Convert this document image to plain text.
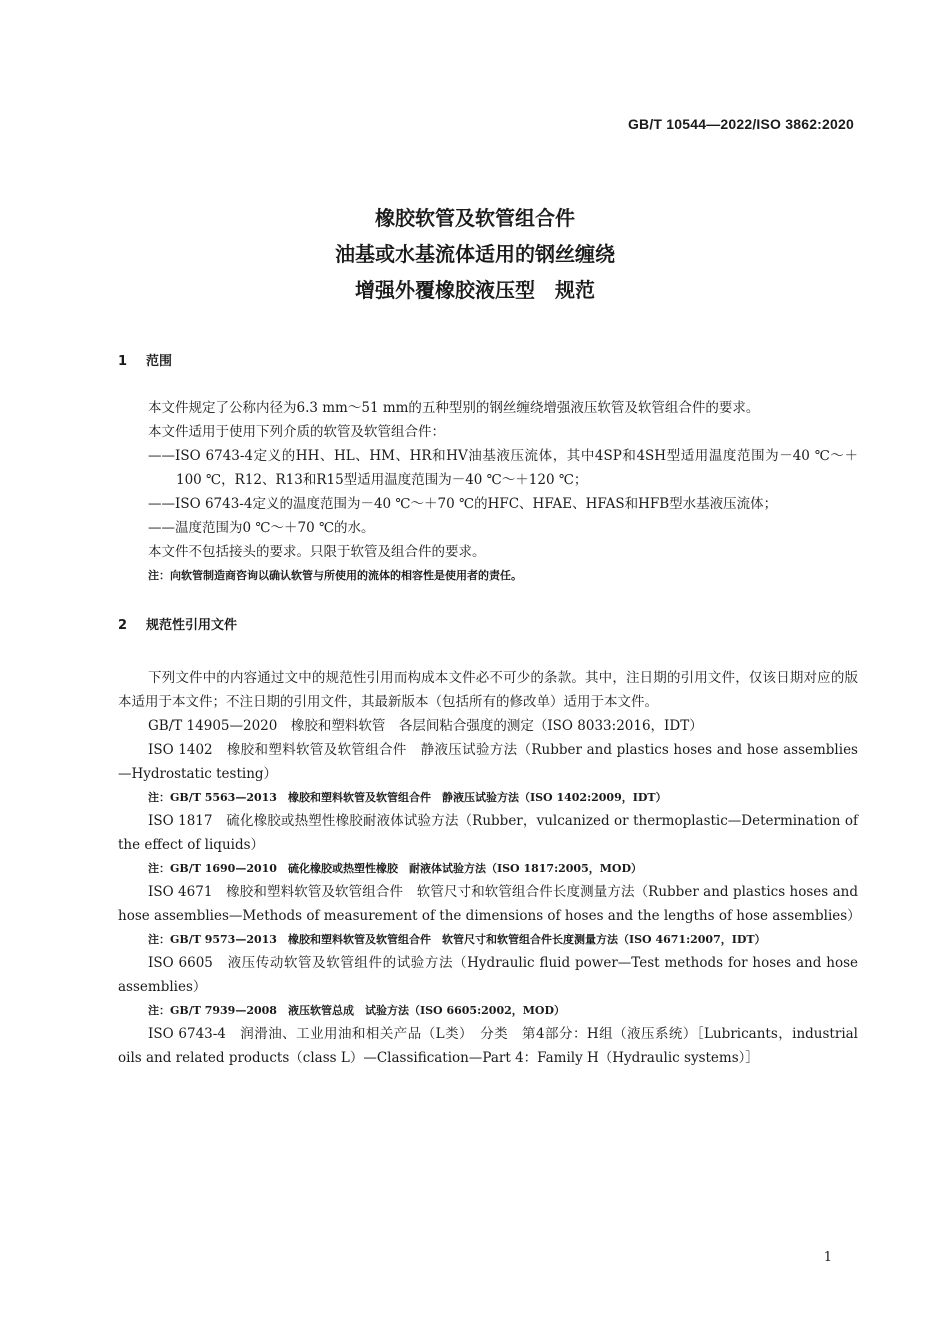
GB/T 10544—2022/ISO 3862:2020
橡胶软管及软管组合件
油基或水基流体适用的钢丝缠绕
增强外覆橡胶液压型　规范
1 范围

本文件规定了公称内径为6.3 mm～51 mm的五种型别的钢丝缠绕增强液压软管及软管组合件的要求。

本文件适用于使用下列介质的软管及软管组合件：

——ISO 6743-4定义的HH、HL、HM、HR和HV油基液压流体，其中4SP和4SH型适用温度范围为－40 ℃～＋100 ℃，R12、R13和R15型适用温度范围为－40 ℃～＋120 ℃；

——ISO 6743-4定义的温度范围为－40 ℃～＋70 ℃的HFC、HFAE、HFAS和HFB型水基液压流体；

——温度范围为0 ℃～＋70 ℃的水。

本文件不包括接头的要求。只限于软管及组合件的要求。

注：向软管制造商咨询以确认软管与所使用的流体的相容性是使用者的责任。

2 规范性引用文件

下列文件中的内容通过文中的规范性引用而构成本文件必不可少的条款。其中，注日期的引用文件，仅该日期对应的版本适用于本文件；不注日期的引用文件，其最新版本（包括所有的修改单）适用于本文件。

GB/T 14905—2020　橡胶和塑料软管　各层间粘合强度的测定（ISO 8033:2016，IDT）

ISO 1402　橡胶和塑料软管及软管组合件　静液压试验方法（Rubber and plastics hoses and hose assemblies—Hydrostatic testing）

注：GB/T 5563—2013　橡胶和塑料软管及软管组合件　静液压试验方法（ISO 1402:2009，IDT）

ISO 1817　硫化橡胶或热塑性橡胶耐液体试验方法（Rubber，vulcanized or thermoplastic—Determination of the effect of liquids）

注：GB/T 1690—2010　硫化橡胶或热塑性橡胶　耐液体试验方法（ISO 1817:2005，MOD）

ISO 4671　橡胶和塑料软管及软管组合件　软管尺寸和软管组合件长度测量方法（Rubber and plastics hoses and hose assemblies—Methods of measurement of the dimensions of hoses and the lengths of hose assemblies）

注：GB/T 9573—2013　橡胶和塑料软管及软管组合件　软管尺寸和软管组合件长度测量方法（ISO 4671:2007，IDT）

ISO 6605　液压传动软管及软管组件的试验方法（Hydraulic fluid power—Test methods for hoses and hose assemblies）

注：GB/T 7939—2008　液压软管总成　试验方法（ISO 6605:2002，MOD）

ISO 6743-4　润滑油、工业用油和相关产品（L类）　分类　第4部分：H组（液压系统）［Lubricants，industrial oils and related products（class L）—Classification—Part 4：Family H（Hydraulic systems）］

1
